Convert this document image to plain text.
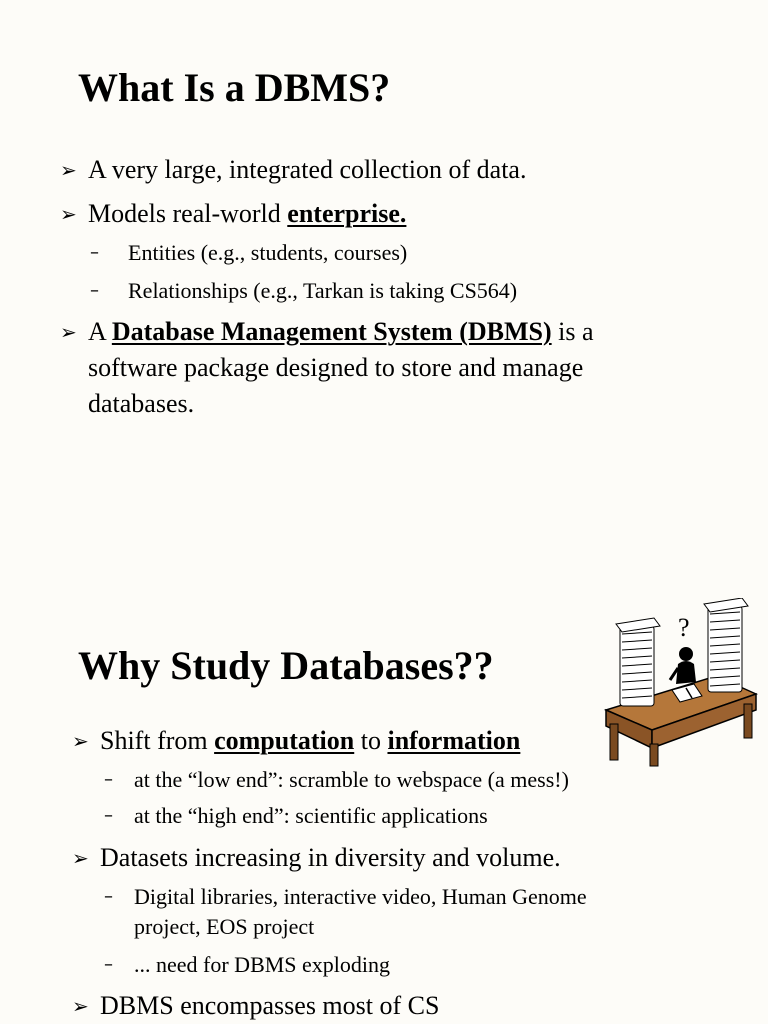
What Is a DBMS?

➢ A very large, integrated collection of data.

➢ Models real-world enterprise.

– Entities (e.g., students, courses)

– Relationships (e.g., Tarkan is taking CS564)

➢ A Database Management System (DBMS) is a
software package designed to store and manage
databases.

Why Study Databases??
?

➢ Shift from computation to information

– at the “low end”: scramble to webspace (a mess!)

– at the “high end”: scientific applications

➢ Datasets increasing in diversity and volume.

– Digital libraries, interactive video, Human Genome
project, EOS project

– ... need for DBMS exploding

➢ DBMS encompasses most of CS
